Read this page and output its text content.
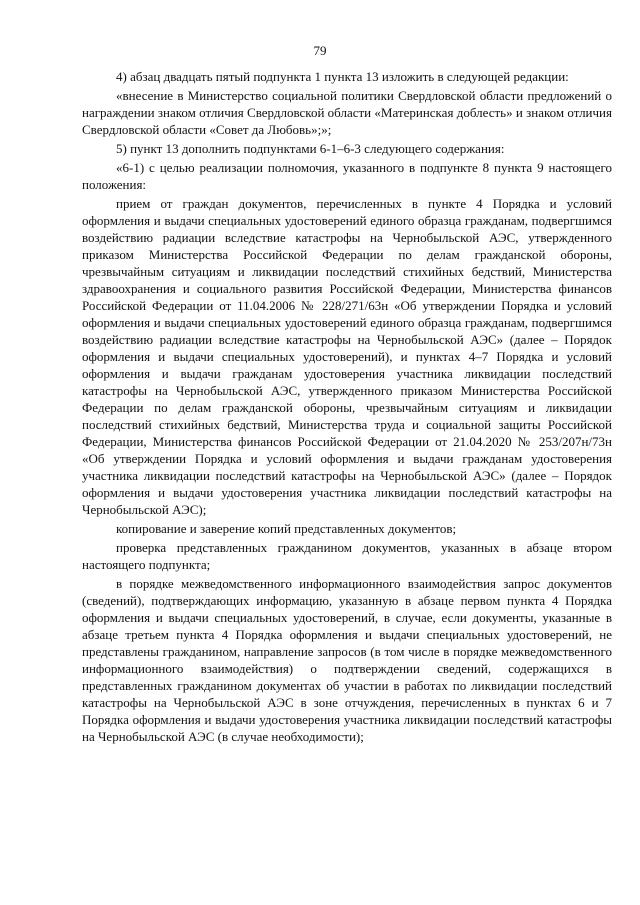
79

4) абзац двадцать пятый подпункта 1 пункта 13 изложить в следующей редакции:

«внесение в Министерство социальной политики Свердловской области предложений о награждении знаком отличия Свердловской области «Материнская доблесть» и знаком отличия Свердловской области «Совет да Любовь»;»;

5) пункт 13 дополнить подпунктами 6-1–6-3 следующего содержания:

«6-1) с целью реализации полномочия, указанного в подпункте 8 пункта 9 настоящего положения:

прием от граждан документов, перечисленных в пункте 4 Порядка и условий оформления и выдачи специальных удостоверений единого образца гражданам, подвергшимся воздействию радиации вследствие катастрофы на Чернобыльской АЭС, утвержденного приказом Министерства Российской Федерации по делам гражданской обороны, чрезвычайным ситуациям и ликвидации последствий стихийных бедствий, Министерства здравоохранения и социального развития Российской Федерации, Министерства финансов Российской Федерации от 11.04.2006 № 228/271/63н «Об утверждении Порядка и условий оформления и выдачи специальных удостоверений единого образца гражданам, подвергшимся воздействию радиации вследствие катастрофы на Чернобыльской АЭС» (далее – Порядок оформления и выдачи специальных удостоверений), и пунктах 4–7 Порядка и условий оформления и выдачи гражданам удостоверения участника ликвидации последствий катастрофы на Чернобыльской АЭС, утвержденного приказом Министерства Российской Федерации по делам гражданской обороны, чрезвычайным ситуациям и ликвидации последствий стихийных бедствий, Министерства труда и социальной защиты Российской Федерации, Министерства финансов Российской Федерации от 21.04.2020 № 253/207н/73н «Об утверждении Порядка и условий оформления и выдачи гражданам удостоверения участника ликвидации последствий катастрофы на Чернобыльской АЭС» (далее – Порядок оформления и выдачи удостоверения участника ликвидации последствий катастрофы на Чернобыльской АЭС);

копирование и заверение копий представленных документов;

проверка представленных гражданином документов, указанных в абзаце втором настоящего подпункта;

в порядке межведомственного информационного взаимодействия запрос документов (сведений), подтверждающих информацию, указанную в абзаце первом пункта 4 Порядка оформления и выдачи специальных удостоверений, в случае, если документы, указанные в абзаце третьем пункта 4 Порядка оформления и выдачи специальных удостоверений, не представлены гражданином, направление запросов (в том числе в порядке межведомственного информационного взаимодействия) о подтверждении сведений, содержащихся в представленных гражданином документах об участии в работах по ликвидации последствий катастрофы на Чернобыльской АЭС в зоне отчуждения, перечисленных в пунктах 6 и 7 Порядка оформления и выдачи удостоверения участника ликвидации последствий катастрофы на Чернобыльской АЭС (в случае необходимости);
